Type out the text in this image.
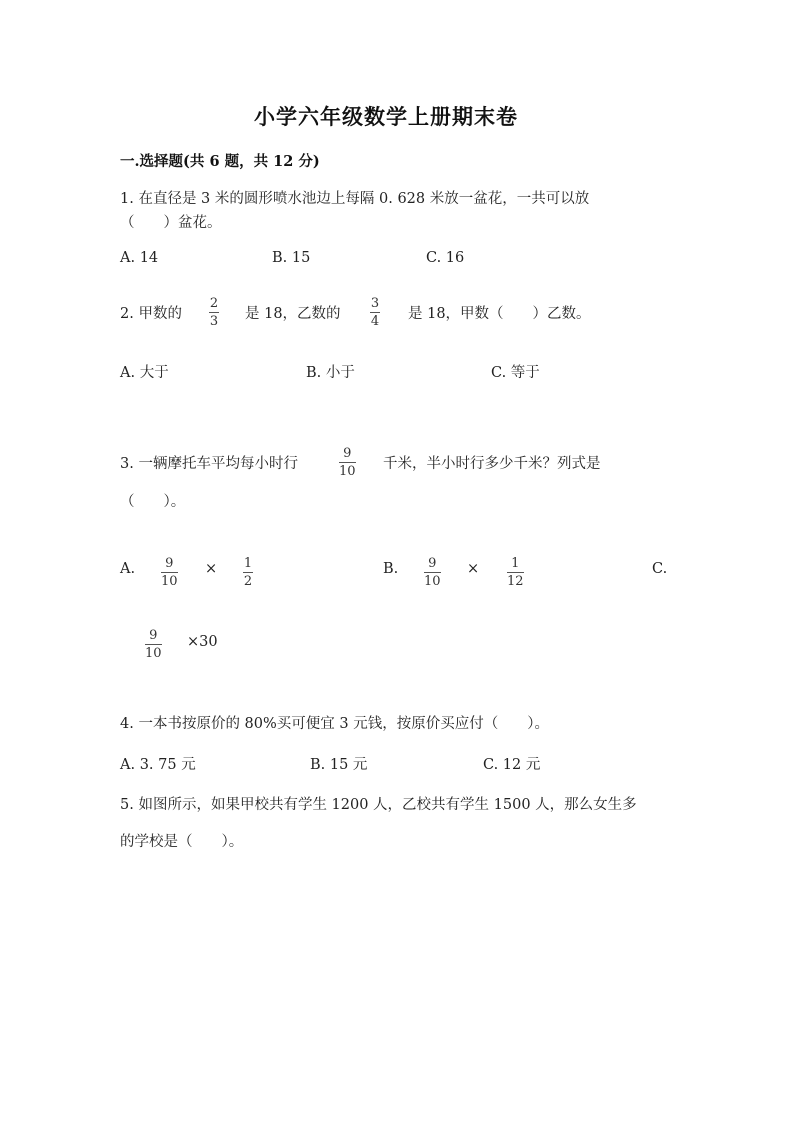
小学六年级数学上册期末卷
一.选择题(共 6 题，共 12 分)
1. 在直径是 3 米的圆形喷水池边上每隔 0. 628 米放一盆花，一共可以放
（　　）盆花。
A. 14	B. 15	C. 16
2. 甲数的
2
3 是 18，乙数的
3
4 是 18，甲数（　　）乙数。
A. 大于	B. 小于	C. 等于
3. 一辆摩托车平均每小时行
9
10 千米，半小时行多少千米？列式是
（　　）。
A. 9
10
× 1
2
B. 9
10
× 1
12
C.
9
10
×30
4. 一本书按原价的 80%买可便宜 3 元钱，按原价买应付（　　）。
A. 3. 75 元	B. 15 元	C. 12 元
5. 如图所示，如果甲校共有学生 1200 人，乙校共有学生 1500 人，那么女生多
的学校是（　　）。
